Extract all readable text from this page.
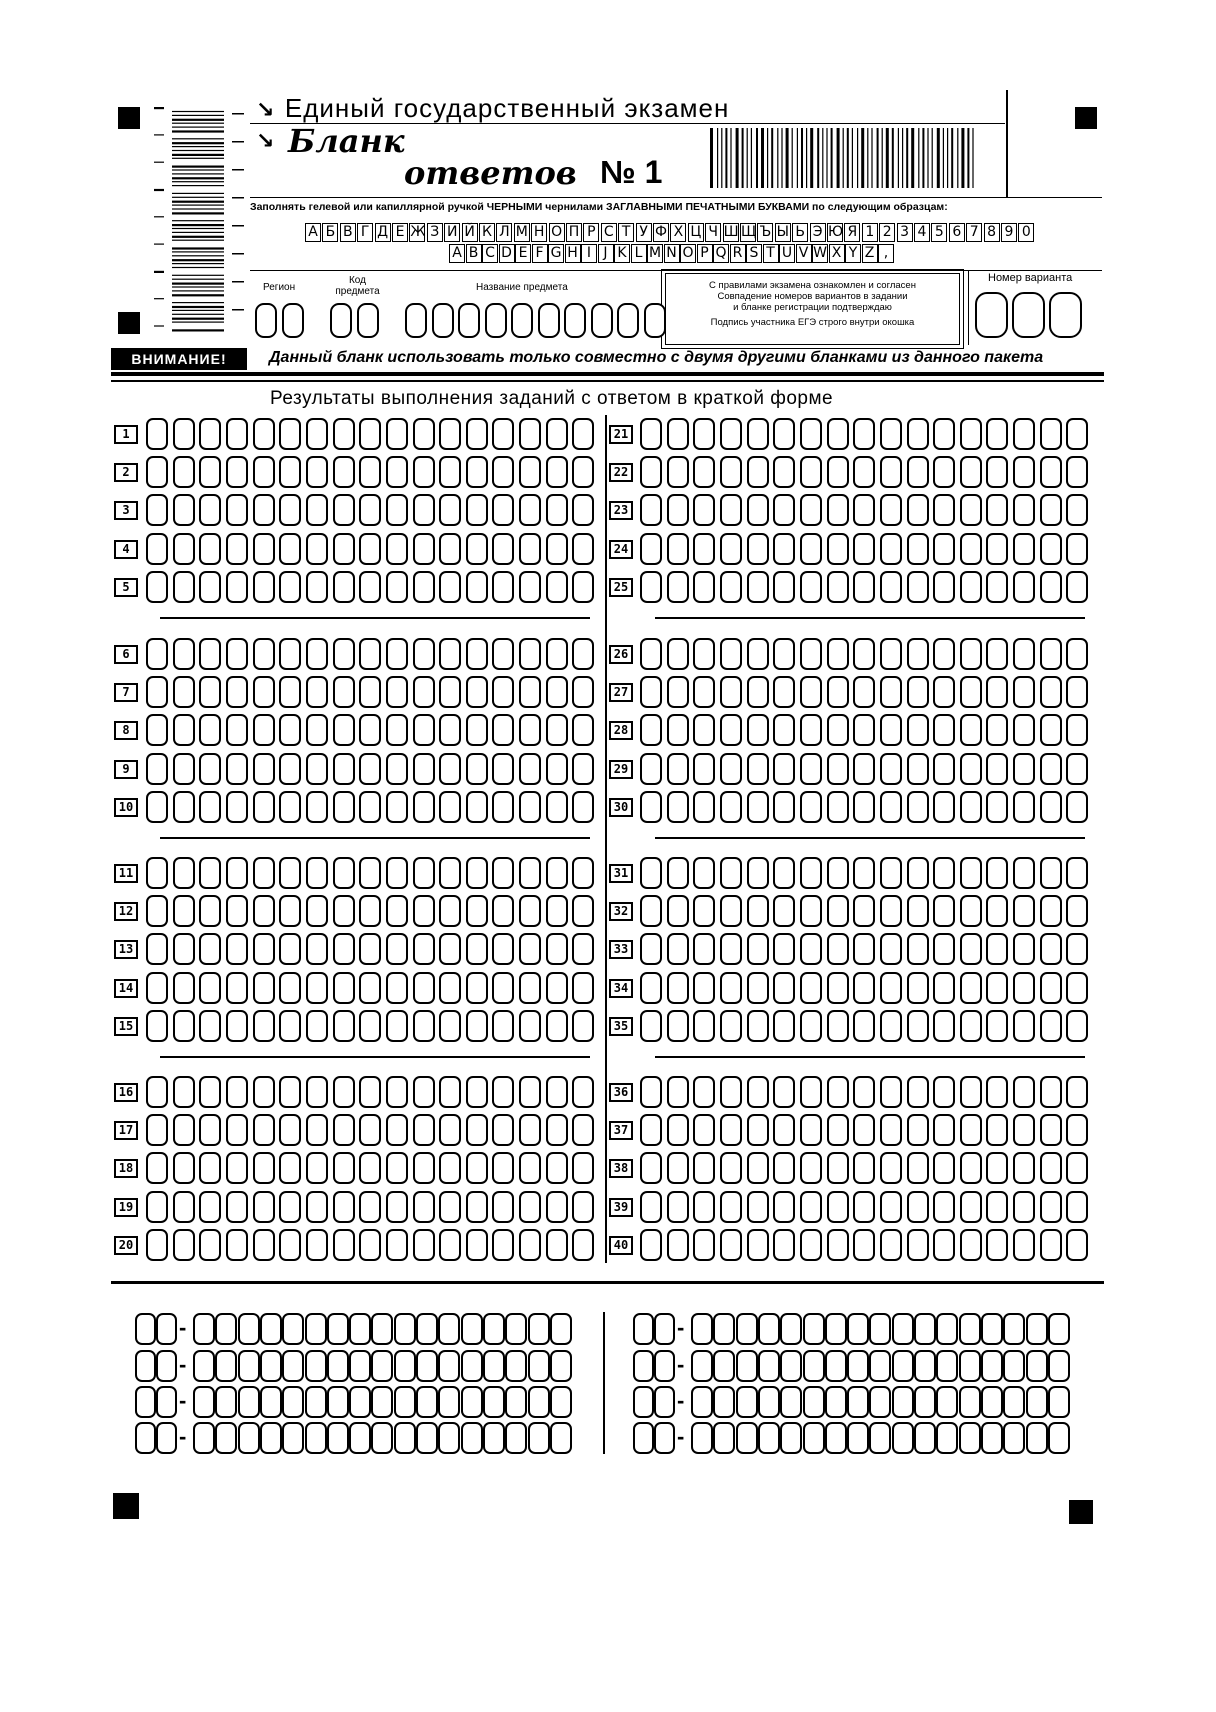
↘ Единый государственный экзамен
↘ Бланк
ответов № 1
Заполнять гелевой или капиллярной ручкой ЧЕРНЫМИ чернилами ЗАГЛАВНЫМИ ПЕЧАТНЫМИ БУКВАМИ по следующим образцам:
А Б В Г Д Е Ж З И Й К Л М Н О П Р С Т У Ф Х Ц Ч Ш Щ Ъ Ы Ь Э Ю Я 1 2 3 4 5 6 7 8 9 0
A B C D E F G H I J K L M N O P Q R S T U V W X Y Z ,
Регион
Код предмета	Название предмета	С правилами экзамена ознакомлен и согласен
Совпадение номеров вариантов в задании
и бланке регистрации подтверждаю
Подпись участника ЕГЭ строго внутри окошка
Номер варианта
ВНИМАНИЕ!	Данный бланк использовать только совместно с двумя другими бланками из данного пакета
Результаты выполнения заданий с ответом в краткой форме
1	21
2	22
3	23
4	24
5	25
6	26
7	27
8	28
9	29
10	30
11	31
12	32
13	33
14	34
15	35
16	36
17	37
18	38
19	39
20	40
-	-
-	-
-	-
-	-
